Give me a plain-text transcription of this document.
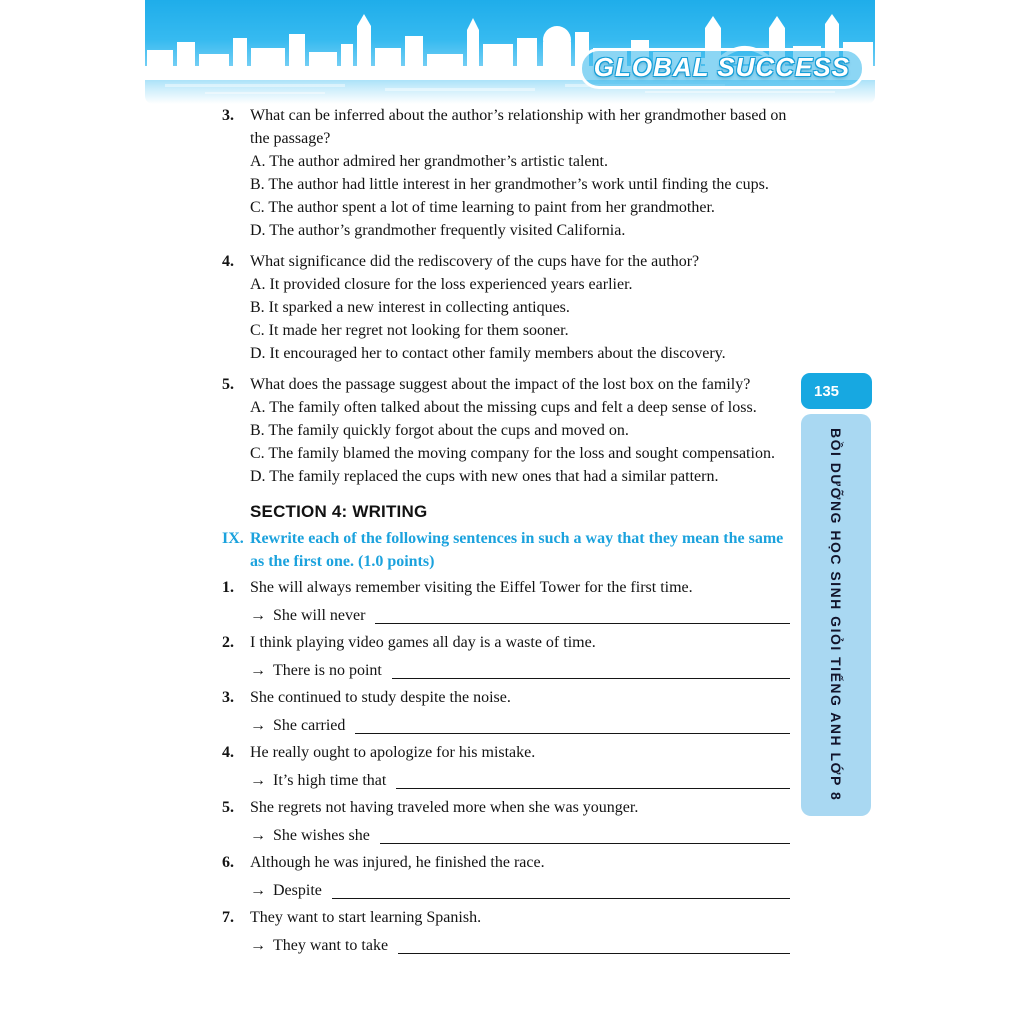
GLOBAL SUCCESS
3.	What can be inferred about the author’s relationship with her grandmother based on the passage?
A. The author admired her grandmother’s artistic talent.
B. The author had little interest in her grandmother’s work until finding the cups.
C. The author spent a lot of time learning to paint from her grandmother.
D. The author’s grandmother frequently visited California.
4.	What significance did the rediscovery of the cups have for the author?
A. It provided closure for the loss experienced years earlier.
B. It sparked a new interest in collecting antiques.
C. It made her regret not looking for them sooner.
D. It encouraged her to contact other family members about the discovery.
5.	What does the passage suggest about the impact of the lost box on the family?
A. The family often talked about the missing cups and felt a deep sense of loss.
B. The family quickly forgot about the cups and moved on.
C. The family blamed the moving company for the loss and sought compensation.
D. The family replaced the cups with new ones that had a similar pattern.
SECTION 4: WRITING
IX. Rewrite each of the following sentences in such a way that they mean the same as the first one. (1.0 points)
1.	She will always remember visiting the Eiffel Tower for the first time.
→ She will never
2.	I think playing video games all day is a waste of time.
→ There is no point
3.	She continued to study despite the noise.
→ She carried
4.	He really ought to apologize for his mistake.
→ It’s high time that
5.	She regrets not having traveled more when she was younger.
→ She wishes she
6.	Although he was injured, he finished the race.
→ Despite
7.	They want to start learning Spanish.
→ They want to take
135
BỒI DƯỠNG HỌC SINH GIỎI TIẾNG ANH LỚP 8
